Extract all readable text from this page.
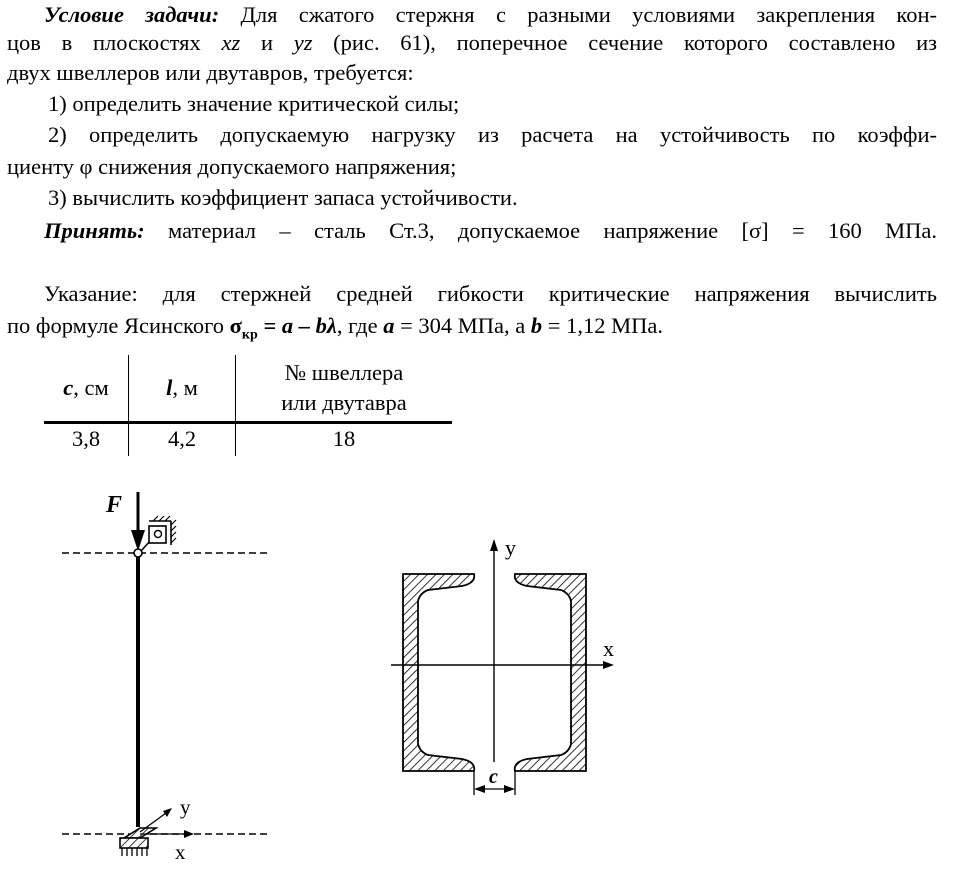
Условие задачи: Для сжатого стержня с разными условиями закрепления кон-
цов в плоскостях xz и yz (рис. 61), поперечное сечение которого составлено из
двух швеллеров или двутавров, требуется:
1) определить значение критической силы;
2) определить допускаемую нагрузку из расчета на устойчивость по коэффи-
циенту φ снижения допускаемого напряжения;
3) вычислить коэффициент запаса устойчивости.
Принять: материал – сталь Ст.3, допускаемое напряжение [σ] = 160 МПа.
Указание: для стержней средней гибкости критические напряжения вычислить
по формуле Ясинского $\sigma_{кр} = a - b\lambda$, где a = 304 МПа, а b = 1,12 МПа.
c, см	l, м	№ швеллера
или двутавра

3,8	4,2	18
F
y
x
y
x
c
